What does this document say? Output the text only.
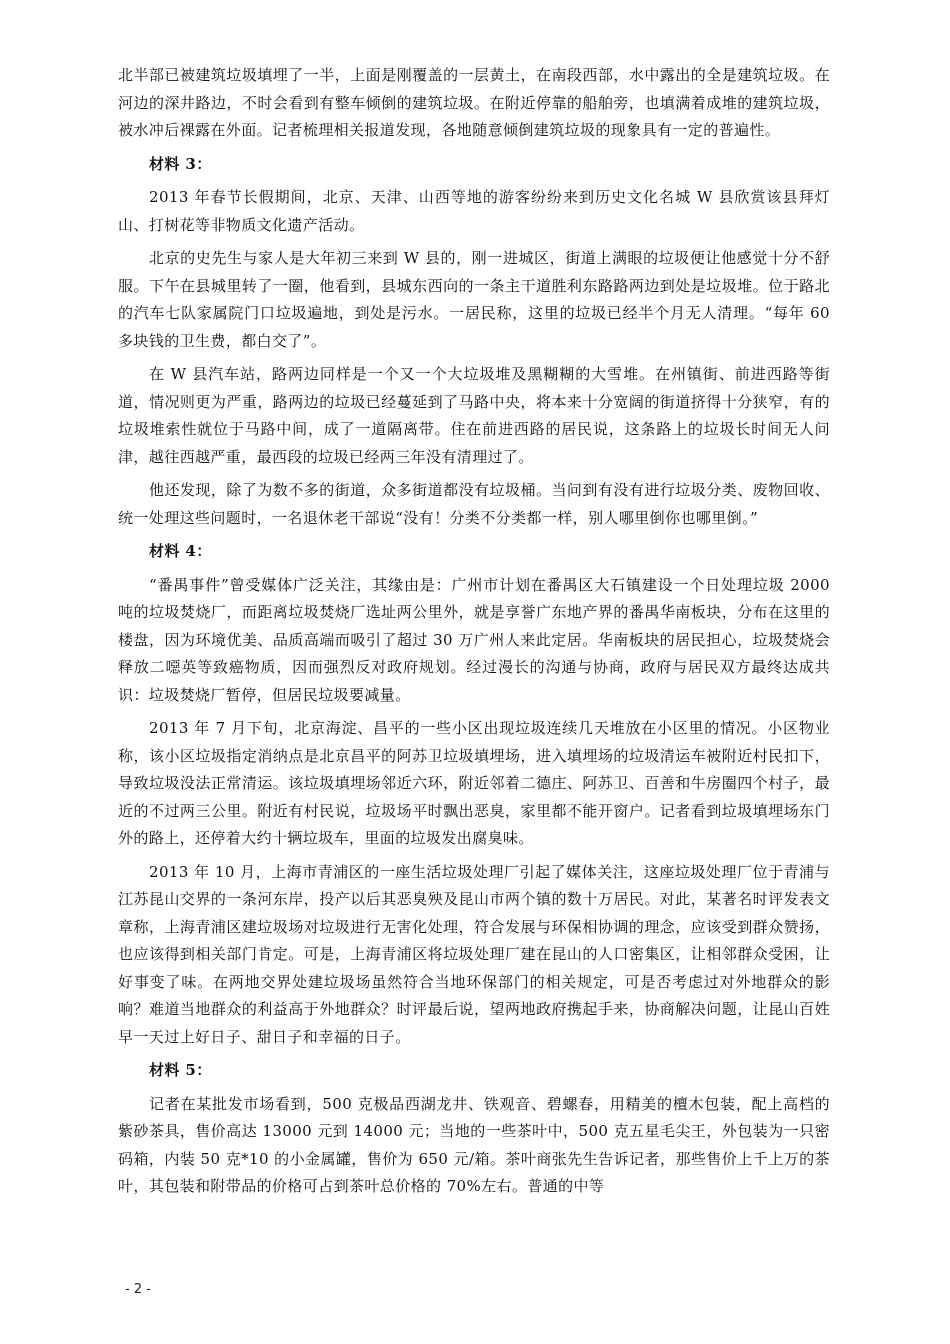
北半部已被建筑垃圾填埋了一半，上面是刚覆盖的一层黄土，在南段西部，水中露出的全是建筑垃圾。在河边的深井路边，不时会看到有整车倾倒的建筑垃圾。在附近停靠的船舶旁，也填满着成堆的建筑垃圾，被水冲后裸露在外面。记者梳理相关报道发现，各地随意倾倒建筑垃圾的现象具有一定的普遍性。

材料 3：

2013 年春节长假期间，北京、天津、山西等地的游客纷纷来到历史文化名城 W 县欣赏该县拜灯山、打树花等非物质文化遗产活动。

北京的史先生与家人是大年初三来到 W 县的，刚一进城区，街道上满眼的垃圾便让他感觉十分不舒服。下午在县城里转了一圈，他看到，县城东西向的一条主干道胜利东路路两边到处是垃圾堆。位于路北的汽车七队家属院门口垃圾遍地，到处是污水。一居民称，这里的垃圾已经半个月无人清理。“每年 60 多块钱的卫生费，都白交了”。

在 W 县汽车站，路两边同样是一个又一个大垃圾堆及黑糊糊的大雪堆。在州镇街、前进西路等街道，情况则更为严重，路两边的垃圾已经蔓延到了马路中央，将本来十分宽阔的街道挤得十分狭窄，有的垃圾堆索性就位于马路中间，成了一道隔离带。住在前进西路的居民说，这条路上的垃圾长时间无人问津，越往西越严重，最西段的垃圾已经两三年没有清理过了。

他还发现，除了为数不多的街道，众多街道都没有垃圾桶。当问到有没有进行垃圾分类、废物回收、统一处理这些问题时，一名退休老干部说“没有！分类不分类都一样，别人哪里倒你也哪里倒。”

材料 4：

“番禺事件”曾受媒体广泛关注，其缘由是：广州市计划在番禺区大石镇建设一个日处理垃圾 2000 吨的垃圾焚烧厂，而距离垃圾焚烧厂选址两公里外，就是享誉广东地产界的番禺华南板块，分布在这里的楼盘，因为环境优美、品质高端而吸引了超过 30 万广州人来此定居。华南板块的居民担心，垃圾焚烧会释放二噁英等致癌物质，因而强烈反对政府规划。经过漫长的沟通与协商，政府与居民双方最终达成共识：垃圾焚烧厂暂停，但居民垃圾要减量。

2013 年 7 月下旬，北京海淀、昌平的一些小区出现垃圾连续几天堆放在小区里的情况。小区物业称，该小区垃圾指定消纳点是北京昌平的阿苏卫垃圾填埋场，进入填埋场的垃圾清运车被附近村民扣下，导致垃圾没法正常清运。该垃圾填埋场邻近六环，附近邻着二德庄、阿苏卫、百善和牛房圈四个村子，最近的不过两三公里。附近有村民说，垃圾场平时飘出恶臭，家里都不能开窗户。记者看到垃圾填埋场东门外的路上，还停着大约十辆垃圾车，里面的垃圾发出腐臭味。

2013 年 10 月，上海市青浦区的一座生活垃圾处理厂引起了媒体关注，这座垃圾处理厂位于青浦与江苏昆山交界的一条河东岸，投产以后其恶臭殃及昆山市两个镇的数十万居民。对此，某著名时评发表文章称，上海青浦区建垃圾场对垃圾进行无害化处理，符合发展与环保相协调的理念，应该受到群众赞扬，也应该得到相关部门肯定。可是，上海青浦区将垃圾处理厂建在昆山的人口密集区，让相邻群众受困，让好事变了味。在两地交界处建垃圾场虽然符合当地环保部门的相关规定，可是否考虑过对外地群众的影响？难道当地群众的利益高于外地群众？时评最后说，望两地政府携起手来，协商解决问题，让昆山百姓早一天过上好日子、甜日子和幸福的日子。

材料 5：

记者在某批发市场看到，500 克极品西湖龙井、铁观音、碧螺春，用精美的檀木包装，配上高档的紫砂茶具，售价高达 13000 元到 14000 元；当地的一些茶叶中，500 克五星毛尖王，外包装为一只密码箱，内装 50 克*10 的小金属罐，售价为 650 元/箱。茶叶商张先生告诉记者，那些售价上千上万的茶叶，其包装和附带品的价格可占到茶叶总价格的 70%左右。普通的中等

- 2 -
